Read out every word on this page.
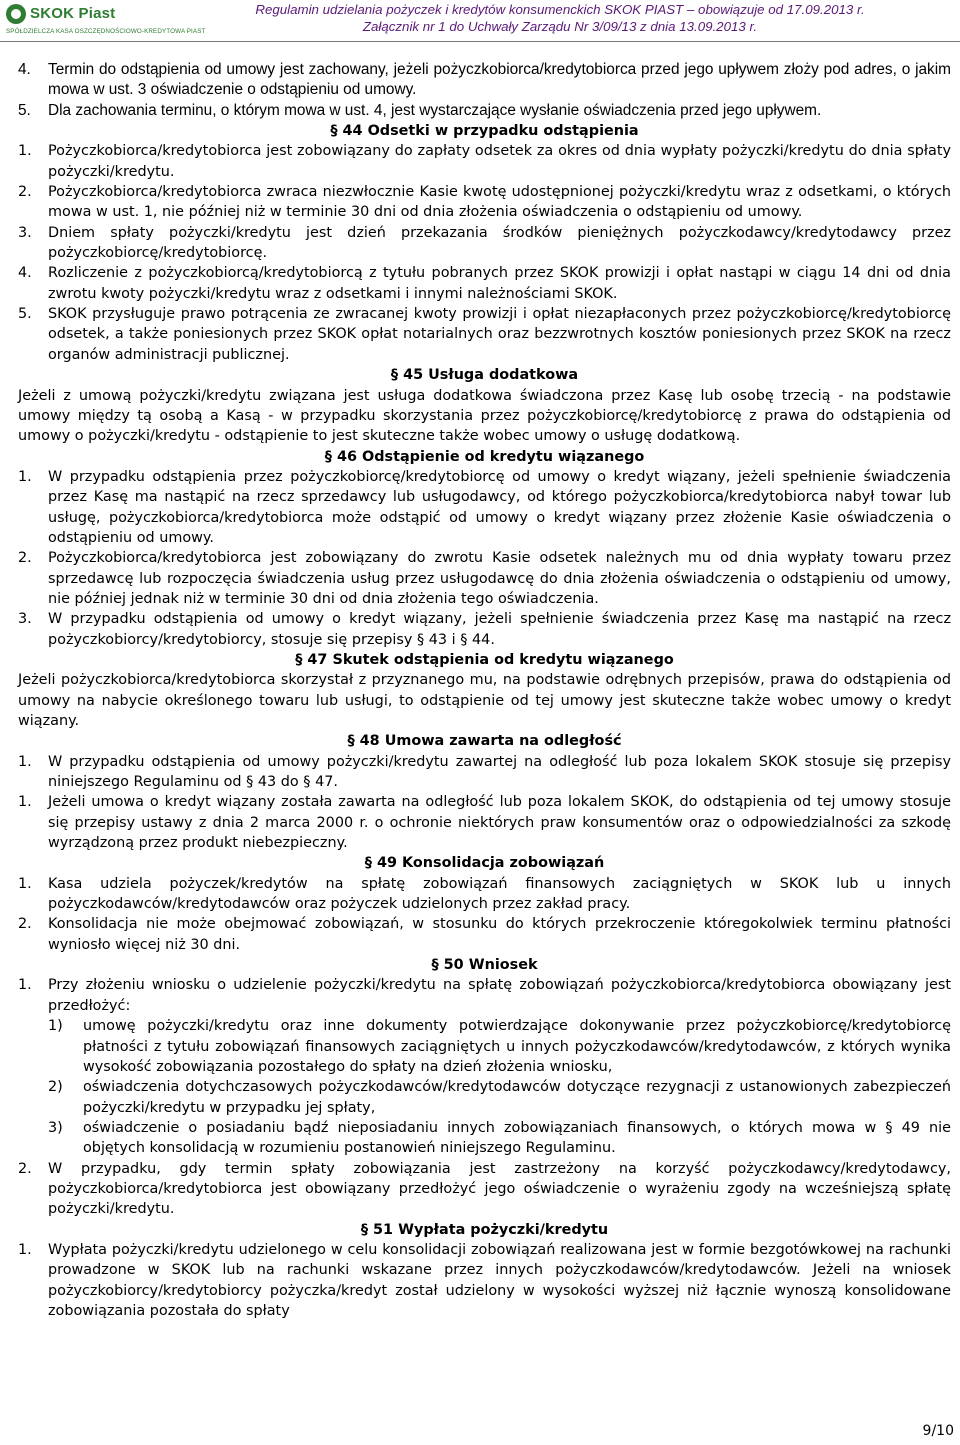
SKOK Piast
SPÓŁDZIELCZA KASA OSZCZĘDNOŚCIOWO-KREDYTOWA PIAST
Regulamin udzielania pożyczek i kredytów konsumenckich SKOK PIAST – obowiązuje od 17.09.2013 r.
Załącznik nr 1 do Uchwały Zarządu Nr 3/09/13 z dnia 13.09.2013 r.
4.	Termin do odstąpienia od umowy jest zachowany, jeżeli pożyczkobiorca/kredytobiorca przed jego upływem złoży pod adres, o jakim mowa w ust. 3 oświadczenie o odstąpieniu od umowy.
5.	Dla zachowania terminu, o którym mowa w ust. 4, jest wystarczające wysłanie oświadczenia przed jego upływem.

§ 44 Odsetki w przypadku odstąpienia

1.	Pożyczkobiorca/kredytobiorca jest zobowiązany do zapłaty odsetek za okres od dnia wypłaty pożyczki/kredytu do dnia spłaty pożyczki/kredytu.
2.	Pożyczkobiorca/kredytobiorca zwraca niezwłocznie Kasie kwotę udostępnionej pożyczki/kredytu wraz z odsetkami, o których mowa w ust. 1, nie później niż w terminie 30 dni od dnia złożenia oświadczenia o odstąpieniu od umowy.
3.	Dniem spłaty pożyczki/kredytu jest dzień przekazania środków pieniężnych pożyczkodawcy/kredytodawcy przez pożyczkobiorcę/kredytobiorcę.
4.	Rozliczenie z pożyczkobiorcą/kredytobiorcą z tytułu pobranych przez SKOK prowizji i opłat nastąpi w ciągu 14 dni od dnia zwrotu kwoty pożyczki/kredytu wraz z odsetkami i innymi należnościami SKOK.
5.	SKOK przysługuje prawo potrącenia ze zwracanej kwoty prowizji i opłat niezapłaconych przez pożyczkobiorcę/kredytobiorcę odsetek, a także poniesionych przez SKOK opłat notarialnych oraz bezzwrotnych kosztów poniesionych przez SKOK na rzecz organów administracji publicznej.

§ 45 Usługa dodatkowa

Jeżeli z umową pożyczki/kredytu związana jest usługa dodatkowa świadczona przez Kasę lub osobę trzecią - na podstawie umowy między tą osobą a Kasą - w przypadku skorzystania przez pożyczkobiorcę/kredytobiorcę z prawa do odstąpienia od umowy o pożyczki/kredytu - odstąpienie to jest skuteczne także wobec umowy o usługę dodatkową.

§ 46 Odstąpienie od kredytu wiązanego

1.	W przypadku odstąpienia przez pożyczkobiorcę/kredytobiorcę od umowy o kredyt wiązany, jeżeli spełnienie świadczenia przez Kasę ma nastąpić na rzecz sprzedawcy lub usługodawcy, od którego pożyczkobiorca/kredytobiorca nabył towar lub usługę, pożyczkobiorca/kredytobiorca może odstąpić od umowy o kredyt wiązany przez złożenie Kasie oświadczenia o odstąpieniu od umowy.
2.	Pożyczkobiorca/kredytobiorca jest zobowiązany do zwrotu Kasie odsetek należnych mu od dnia wypłaty towaru przez sprzedawcę lub rozpoczęcia świadczenia usług przez usługodawcę do dnia złożenia oświadczenia o odstąpieniu od umowy, nie później jednak niż w terminie 30 dni od dnia złożenia tego oświadczenia.
3.	W przypadku odstąpienia od umowy o kredyt wiązany, jeżeli spełnienie świadczenia przez Kasę ma nastąpić na rzecz pożyczkobiorcy/kredytobiorcy, stosuje się przepisy § 43 i § 44.

§ 47 Skutek odstąpienia od kredytu wiązanego

Jeżeli pożyczkobiorca/kredytobiorca skorzystał z przyznanego mu, na podstawie odrębnych przepisów, prawa do odstąpienia od umowy na nabycie określonego towaru lub usługi, to odstąpienie od tej umowy jest skuteczne także wobec umowy o kredyt wiązany.

§ 48 Umowa zawarta na odległość

1.	W przypadku odstąpienia od umowy pożyczki/kredytu zawartej na odległość lub poza lokalem SKOK stosuje się przepisy niniejszego Regulaminu od § 43 do § 47.
1.	Jeżeli umowa o kredyt wiązany została zawarta na odległość lub poza lokalem SKOK, do odstąpienia od tej umowy stosuje się przepisy ustawy z dnia 2 marca 2000 r. o ochronie niektórych praw konsumentów oraz o odpowiedzialności za szkodę wyrządzoną przez produkt niebezpieczny.

§ 49 Konsolidacja zobowiązań

1.	Kasa udziela pożyczek/kredytów na spłatę zobowiązań finansowych zaciągniętych w SKOK lub u innych pożyczkodawców/kredytodawców oraz pożyczek udzielonych przez zakład pracy.
2.	Konsolidacja nie może obejmować zobowiązań, w stosunku do których przekroczenie któregokolwiek terminu płatności wyniosło więcej niż 30 dni.

§ 50 Wniosek

1.	Przy złożeniu wniosku o udzielenie pożyczki/kredytu na spłatę zobowiązań pożyczkobiorca/kredytobiorca obowiązany jest przedłożyć:
1)	umowę pożyczki/kredytu oraz inne dokumenty potwierdzające dokonywanie przez pożyczkobiorcę/kredytobiorcę płatności z tytułu zobowiązań finansowych zaciągniętych u innych pożyczkodawców/kredytodawców, z których wynika wysokość zobowiązania pozostałego do spłaty na dzień złożenia wniosku,
2)	oświadczenia dotychczasowych pożyczkodawców/kredytodawców dotyczące rezygnacji z ustanowionych zabezpieczeń pożyczki/kredytu w przypadku jej spłaty,
3)	oświadczenie o posiadaniu bądź nieposiadaniu innych zobowiązaniach finansowych, o których mowa w § 49 nie objętych konsolidacją w rozumieniu postanowień niniejszego Regulaminu.
2.	W przypadku, gdy termin spłaty zobowiązania jest zastrzeżony na korzyść pożyczkodawcy/kredytodawcy, pożyczkobiorca/kredytobiorca jest obowiązany przedłożyć jego oświadczenie o wyrażeniu zgody na wcześniejszą spłatę pożyczki/kredytu.

§ 51 Wypłata pożyczki/kredytu

1.	Wypłata pożyczki/kredytu udzielonego w celu konsolidacji zobowiązań realizowana jest w formie bezgotówkowej na rachunki prowadzone w SKOK lub na rachunki wskazane przez innych pożyczkodawców/kredytodawców. Jeżeli na wniosek pożyczkobiorcy/kredytobiorcy pożyczka/kredyt został udzielony w wysokości wyższej niż łącznie wynoszą konsolidowane zobowiązania pozostała do spłaty
9/10
